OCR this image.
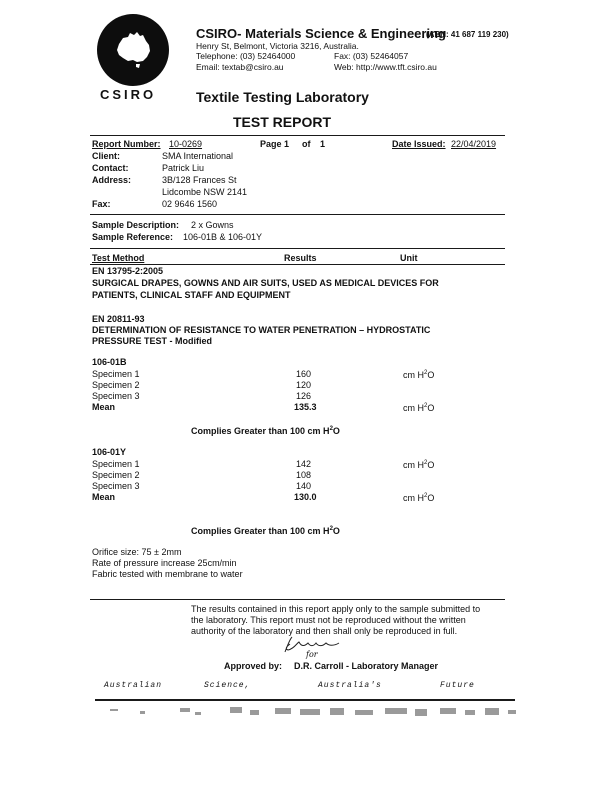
CSIRO
CSIRO- Materials Science & Engineering
(ABN: 41 687 119 230)
Henry St, Belmont, Victoria 3216, Australia.
Telephone: (03) 52464000	Fax: (03) 52464057
Email: textab@csiro.au	Web: http://www.tft.csiro.au
Textile Testing Laboratory
TEST REPORT
Report Number: 10-0269	Page 1 of 1	Date Issued: 22/04/2019
Client:	SMA International
Contact:	Patrick Liu
Address:	3B/128 Frances St
Lidcombe NSW 2141
Fax:	02 9646 1560
Sample Description: 2 x Gowns
Sample Reference: 106-01B & 106-01Y
Test Method	Results	Unit
EN 13795-2:2005
SURGICAL DRAPES, GOWNS AND AIR SUITS, USED AS MEDICAL DEVICES FOR
PATIENTS, CLINICAL STAFF AND EQUIPMENT
EN 20811-93
DETERMINATION OF RESISTANCE TO WATER PENETRATION – HYDROSTATIC
PRESSURE TEST - Modified
106-01B
Specimen 1	160	cm $H^2O$
Specimen 2	120
Specimen 3	126
Mean	135.3	cm $H^2O$
Complies Greater than 100 cm $H^2O$
106-01Y
Specimen 1	142	cm $H^2O$
Specimen 2	108
Specimen 3	140
Mean	130.0	cm $H^2O$
Complies Greater than 100 cm $H^2O$
Orifice size: 75 ± 2mm
Rate of pressure increase 25cm/min
Fabric tested with membrane to water
The results contained in this report apply only to the sample submitted to
the laboratory. This report must not be reproduced without the written
authority of the laboratory and then shall only be reproduced in full.
for
Approved by: D.R. Carroll - Laboratory Manager
Australian	Science,	Australia's	Future
